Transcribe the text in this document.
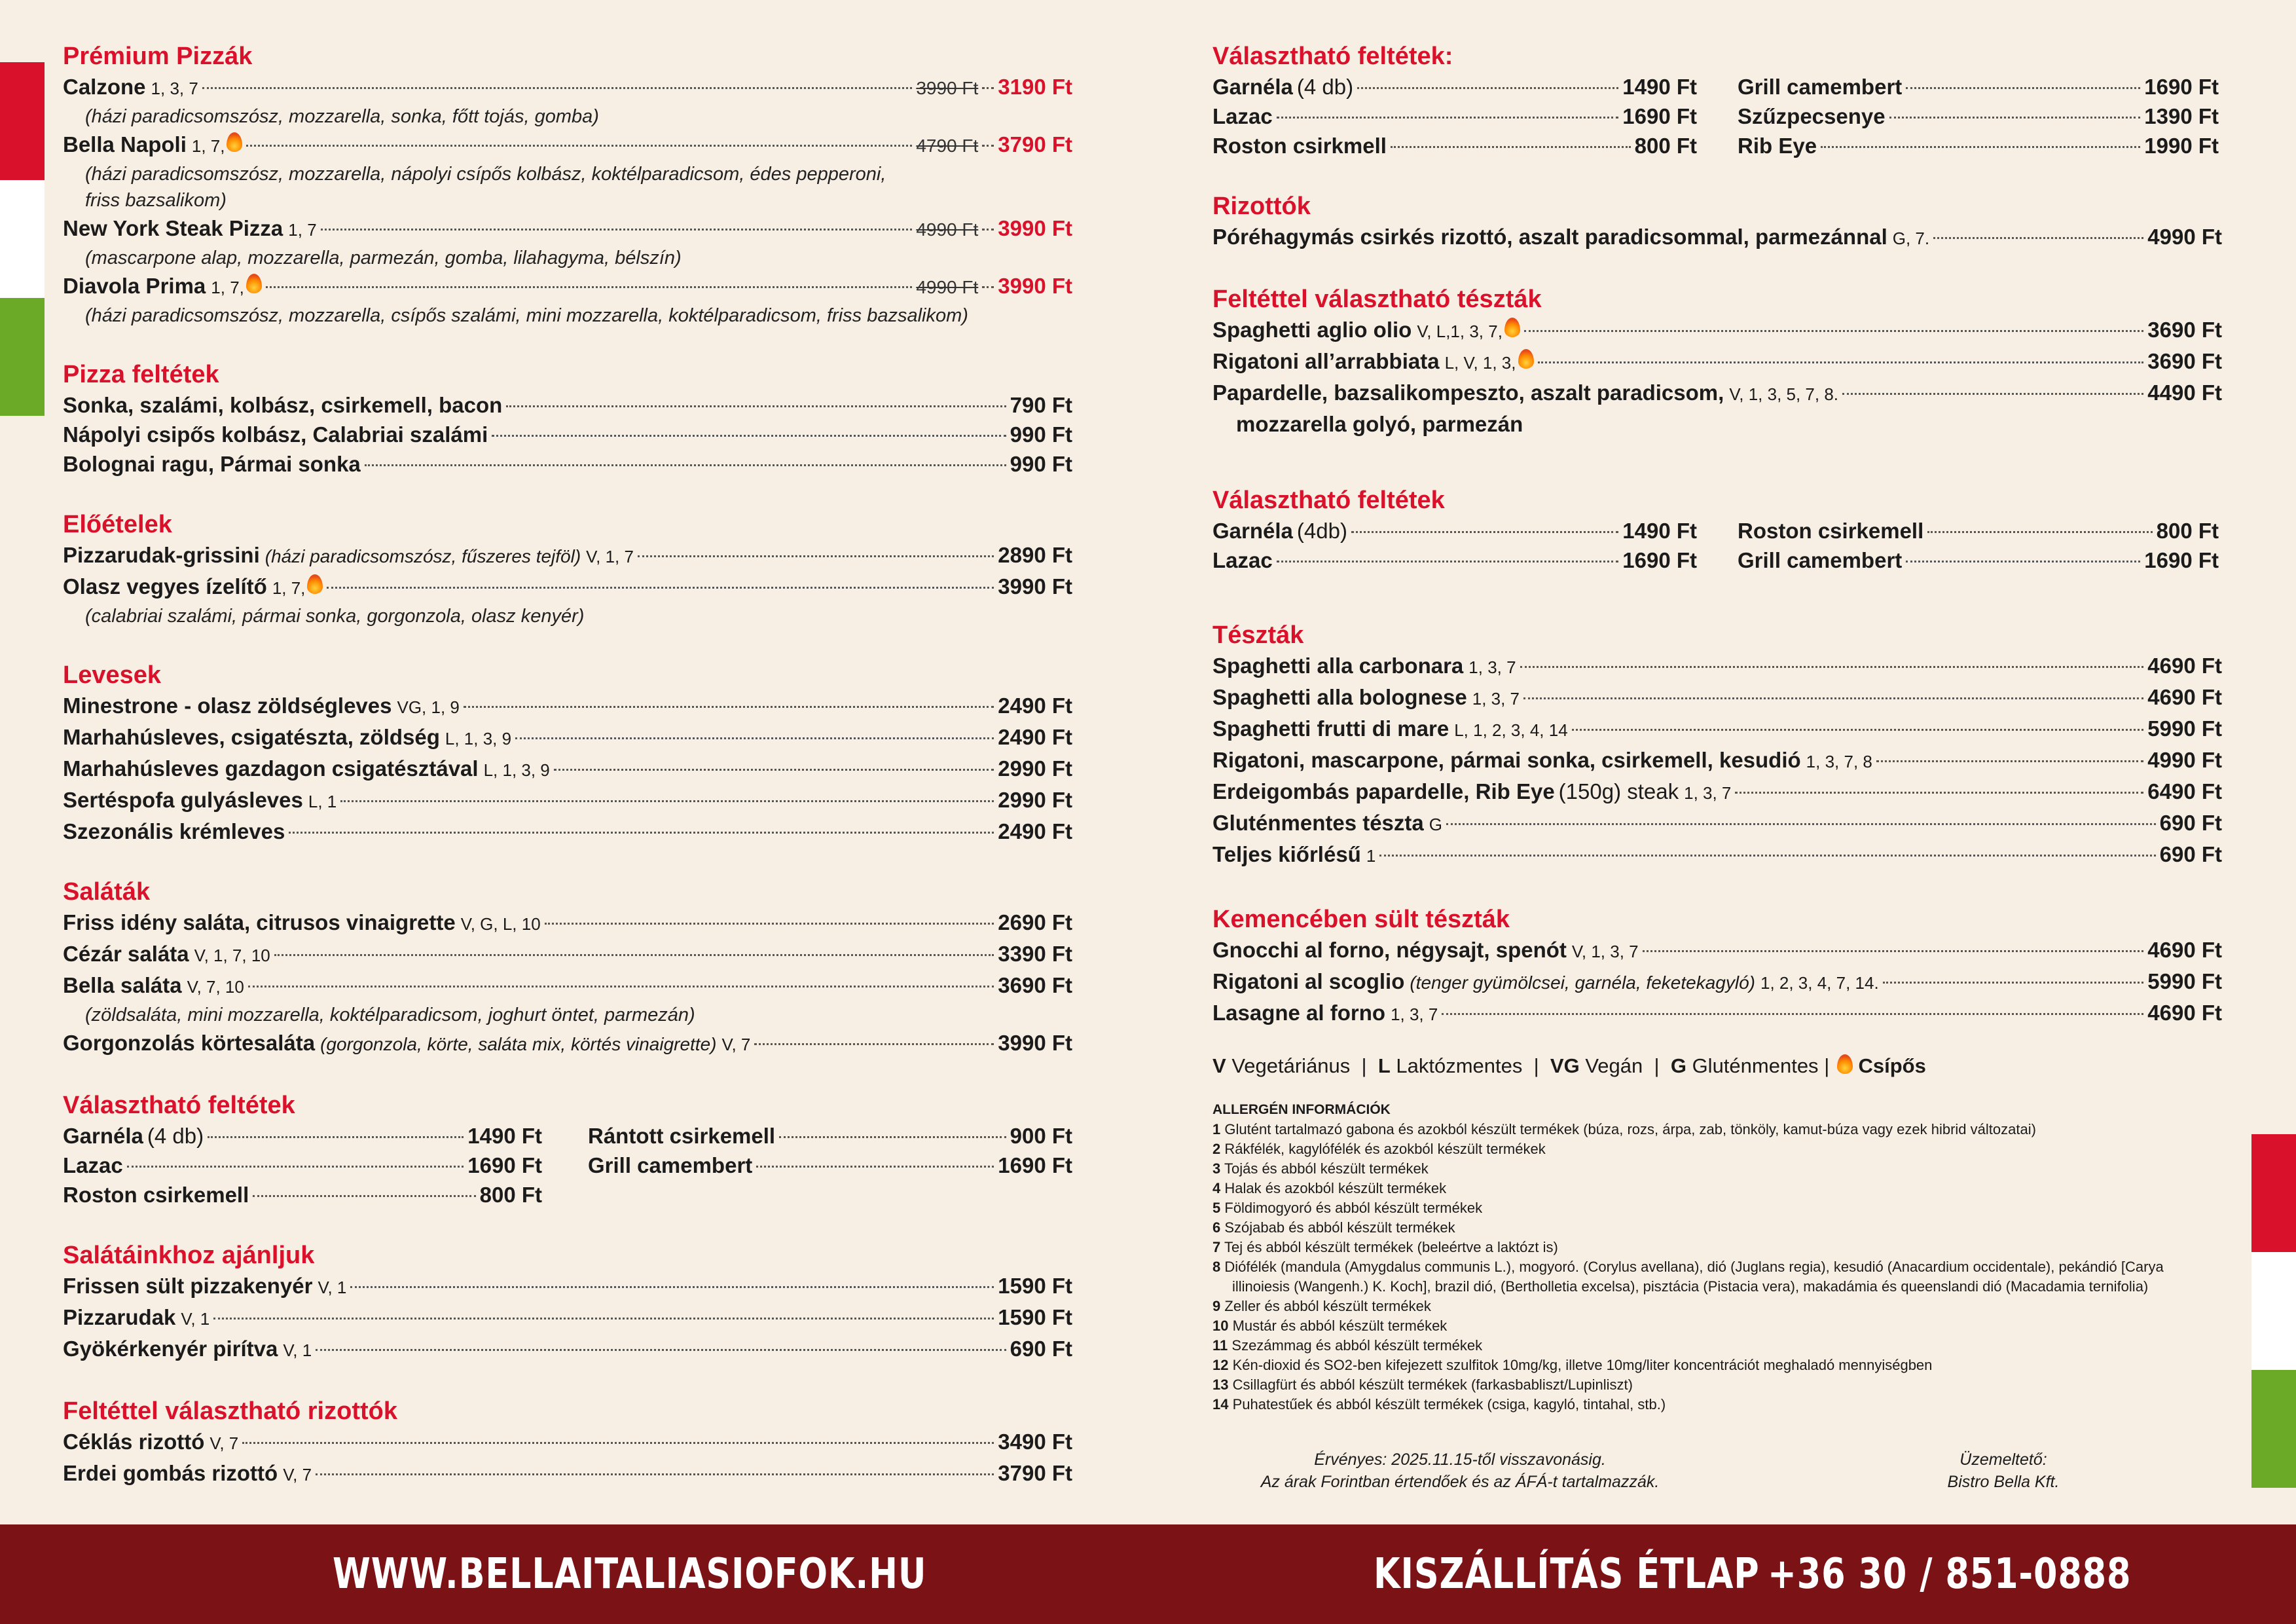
Prémium Pizzák
Calzone 1, 3, 7	3990 Ft 3190 Ft
(házi paradicsomszósz, mozzarella, sonka, főtt tojás, gomba)
Bella Napoli 1, 7,	4790 Ft 3790 Ft
(házi paradicsomszósz, mozzarella, nápolyi csípős kolbász, koktélparadicsom, édes pepperoni,
friss bazsalikom)
New York Steak Pizza 1, 7	4990 Ft 3990 Ft
(mascarpone alap, mozzarella, parmezán, gomba, lilahagyma, bélszín)
Diavola Prima 1, 7,	4990 Ft 3990 Ft
(házi paradicsomszósz, mozzarella, csípős szalámi, mini mozzarella, koktélparadicsom, friss bazsalikom)
Pizza feltétek
Sonka, szalámi, kolbász, csirkemell, bacon	790 Ft
Nápolyi csipős kolbász, Calabriai szalámi	990 Ft
Bolognai ragu, Pármai sonka	990 Ft
Előételek
Pizzarudak-grissini (házi paradicsomszósz, fűszeres tejföl) V, 1, 7	2890 Ft
Olasz vegyes ízelítő 1, 7,	3990 Ft
(calabriai szalámi, pármai sonka, gorgonzola, olasz kenyér)
Levesek
Minestrone - olasz zöldségleves VG, 1, 9	2490 Ft
Marhahúsleves, csigatészta, zöldség L, 1, 3, 9	2490 Ft
Marhahúsleves gazdagon csigatésztával L, 1, 3, 9	2990 Ft
Sertéspofa gulyásleves L, 1	2990 Ft
Szezonális krémleves	2490 Ft
Saláták
Friss idény saláta, citrusos vinaigrette V, G, L, 10	2690 Ft
Cézár saláta V, 1, 7, 10	3390 Ft
Bella saláta V, 7, 10	3690 Ft
(zöldsaláta, mini mozzarella, koktélparadicsom, joghurt öntet, parmezán)
Gorgonzolás körtesaláta (gorgonzola, körte, saláta mix, körtés vinaigrette) V, 7	3990 Ft
Választható feltétek
Garnéla (4 db)	1490 Ft
Lazac	1690 Ft
Roston csirkemell	800 Ft
Rántott csirkemell	900 Ft
Grill camembert	1690 Ft
Salátáinkhoz ajánljuk
Frissen sült pizzakenyér V, 1	1590 Ft
Pizzarudak V, 1	1590 Ft
Gyökérkenyér pirítva V, 1	690 Ft
Feltéttel választható rizottók
Céklás rizottó V, 7	3490 Ft
Erdei gombás rizottó V, 7	3790 Ft
Választható feltétek:
Garnéla (4 db)	1490 Ft
Lazac	1690 Ft
Roston csirkmell	800 Ft
Grill camembert	1690 Ft
Szűzpecsenye	1390 Ft
Rib Eye	1990 Ft
Rizottók
Póréhagymás csirkés rizottó, aszalt paradicsommal, parmezánnal G, 7.	4990 Ft
Feltéttel választható tészták
Spaghetti aglio olio V, L,1, 3, 7,	3690 Ft
Rigatoni all’arrabbiata L, V, 1, 3,	3690 Ft
Papardelle, bazsalikompeszto, aszalt paradicsom, V, 1, 3, 5, 7, 8.	4490 Ft
mozzarella golyó, parmezán
Választható feltétek
Garnéla (4db)	1490 Ft
Lazac	1690 Ft
Roston csirkemell	800 Ft
Grill camembert	1690 Ft
Tészták
Spaghetti alla carbonara 1, 3, 7	4690 Ft
Spaghetti alla bolognese 1, 3, 7	4690 Ft
Spaghetti frutti di mare L, 1, 2, 3, 4, 14	5990 Ft
Rigatoni, mascarpone, pármai sonka, csirkemell, kesudió 1, 3, 7, 8	4990 Ft
Erdeigombás papardelle, Rib Eye (150g) steak 1, 3, 7	6490 Ft
Gluténmentes tészta G	690 Ft
Teljes kiőrlésű 1	690 Ft
Kemencében sült tészták
Gnocchi al forno, négysajt, spenót V, 1, 3, 7	4690 Ft
Rigatoni al scoglio (tenger gyümölcsei, garnéla, feketekagyló) 1, 2, 3, 4, 7, 14.	5990 Ft
Lasagne al forno 1, 3, 7	4690 Ft
V Vegetáriánus | L Laktózmentes | VG Vegán | G Gluténmentes | Csípős
ALLERGÉN INFORMÁCIÓK
1 Glutént tartalmazó gabona és azokból készült termékek (búza, rozs, árpa, zab, tönköly, kamut-búza vagy ezek hibrid változatai)
2 Rákfélék, kagylófélék és azokból készült termékek
3 Tojás és abból készült termékek
4 Halak és azokból készült termékek
5 Földimogyoró és abból készült termékek
6 Szójabab és abból készült termékek
7 Tej és abból készült termékek (beleértve a laktózt is)
8 Diófélék (mandula (Amygdalus communis L.), mogyoró. (Corylus avellana), dió (Juglans regia), kesudió (Anacardium occidentale), pekándió [Carya illinoiesis (Wangenh.) K. Koch], brazil dió, (Bertholletia excelsa), pisztácia (Pistacia vera), makadámia és queenslandi dió (Macadamia ternifolia)
9 Zeller és abból készült termékek
10 Mustár és abból készült termékek
11 Szezámmag és abból készült termékek
12 Kén-dioxid és SO2-ben kifejezett szulfitok 10mg/kg, illetve 10mg/liter koncentrációt meghaladó mennyiségben
13 Csillagfürt és abból készült termékek (farkasbabliszt/Lupinliszt)
14 Puhatestűek és abból készült termékek (csiga, kagyló, tintahal, stb.)
Érvényes: 2025.11.15-től visszavonásig.
Az árak Forintban értendőek és az ÁFÁ-t tartalmazzák.
Üzemeltető:
Bistro Bella Kft.
WWW.BELLAITALIASIOFOK.HU	KISZÁLLÍTÁS ÉTLAP +36 30 / 851-0888
